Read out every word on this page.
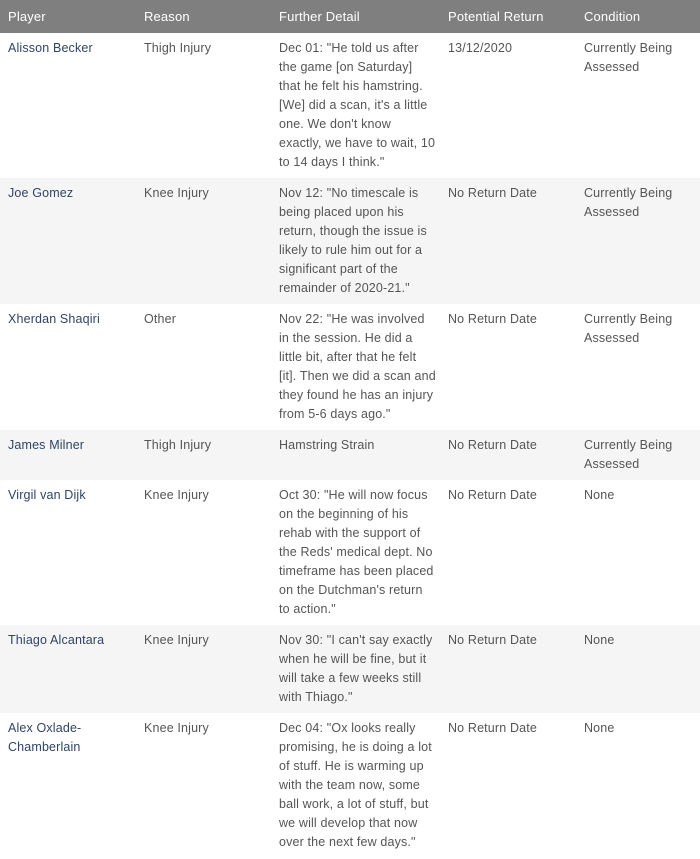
Player	Reason	Further Detail	Potential Return	Condition
Alisson Becker	Thigh Injury	Dec 01: "He told us after the game [on Saturday] that he felt his hamstring. [We] did a scan, it's a little one. We don't know exactly, we have to wait, 10 to 14 days I think."	13/12/2020	Currently Being Assessed
Joe Gomez	Knee Injury	Nov 12: "No timescale is being placed upon his return, though the issue is likely to rule him out for a significant part of the remainder of 2020-21."	No Return Date	Currently Being Assessed
Xherdan Shaqiri	Other	Nov 22: "He was involved in the session. He did a little bit, after that he felt [it]. Then we did a scan and they found he has an injury from 5-6 days ago."	No Return Date	Currently Being Assessed
James Milner	Thigh Injury	Hamstring Strain	No Return Date	Currently Being Assessed
Virgil van Dijk	Knee Injury	Oct 30: "He will now focus on the beginning of his rehab with the support of the Reds' medical dept. No timeframe has been placed on the Dutchman's return to action."	No Return Date	None
Thiago Alcantara	Knee Injury	Nov 30: "I can't say exactly when he will be fine, but it will take a few weeks still with Thiago."	No Return Date	None
Alex Oxlade-Chamberlain	Knee Injury	Dec 04: "Ox looks really promising, he is doing a lot of stuff. He is warming up with the team now, some ball work, a lot of stuff, but we will develop that now over the next few days."	No Return Date	None
